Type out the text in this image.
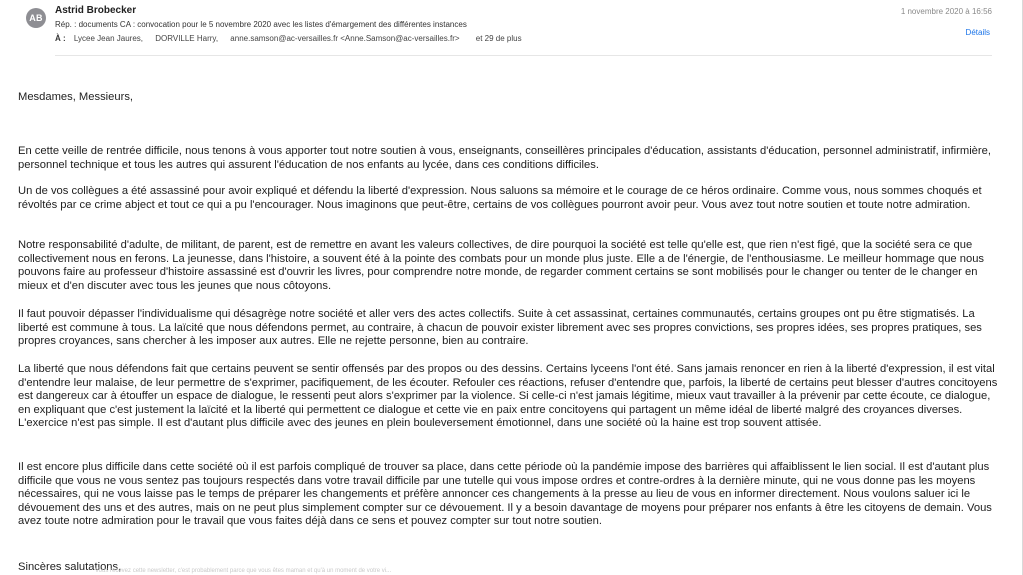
AB
Astrid Brobecker
Rép. : documents CA : convocation pour le 5 novembre 2020 avec les listes d'émargement des différentes instances
À : Lycee Jean Jaures, DORVILLE Harry, anne.samson@ac-versailles.fr <Anne.Samson@ac-versailles.fr> et 29 de plus
1 novembre 2020 à 16:56
Détails

Mesdames, Messieurs,

En cette veille de rentrée difficile, nous tenons à vous apporter tout notre soutien à vous, enseignants, conseillères principales d'éducation, assistants d'éducation, personnel administratif, infirmière, personnel technique et tous les autres qui assurent l'éducation de nos enfants au lycée, dans ces conditions difficiles.

Un de vos collègues a été assassiné pour avoir expliqué et défendu la liberté d'expression. Nous saluons sa mémoire et le courage de ce héros ordinaire. Comme vous, nous sommes choqués et révoltés par ce crime abject et tout ce qui a pu l'encourager. Nous imaginons que peut-être, certains de vos collègues pourront avoir peur. Vous avez tout notre soutien et toute notre admiration.

Notre responsabilité d'adulte, de militant, de parent, est de remettre en avant les valeurs collectives, de dire pourquoi la société est telle qu'elle est, que rien n'est figé, que la société sera ce que collectivement nous en ferons. La jeunesse, dans l'histoire, a souvent été à la pointe des combats pour un monde plus juste. Elle a de l'énergie, de l'enthousiasme. Le meilleur hommage que nous pouvons faire au professeur d'histoire assassiné est d'ouvrir les livres, pour comprendre notre monde, de regarder comment certains se sont mobilisés pour le changer ou tenter de le changer en mieux et d'en discuter avec tous les jeunes que nous côtoyons.

Il faut pouvoir dépasser l'individualisme qui désagrège notre société et aller vers des actes collectifs. Suite à cet assassinat, certaines communautés, certains groupes ont pu être stigmatisés. La liberté est commune à tous. La laïcité que nous défendons permet, au contraire, à chacun de pouvoir exister librement avec ses propres convictions, ses propres idées, ses propres pratiques, ses propres croyances, sans chercher à les imposer aux autres. Elle ne rejette personne, bien au contraire.

La liberté que nous défendons fait que certains peuvent se sentir offensés par des propos ou des dessins. Certains lyceens l'ont été. Sans jamais renoncer en rien à la liberté d'expression, il est vital d'entendre leur malaise, de leur permettre de s'exprimer, pacifiquement, de les écouter. Refouler ces réactions, refuser d'entendre que, parfois, la liberté de certains peut blesser d'autres concitoyens est dangereux car à étouffer un espace de dialogue, le ressenti peut alors s'exprimer par la violence. Si celle-ci n'est jamais légitime, mieux vaut travailler à la prévenir par cette écoute, ce dialogue, en expliquant que c'est justement la laïcité et la liberté qui permettent ce dialogue et cette vie en paix entre concitoyens qui partagent un même idéal de liberté malgré des croyances diverses. L'exercice n'est pas simple. Il est d'autant plus difficile avec des jeunes en plein bouleversement émotionnel, dans une société où la haine est trop souvent attisée.

Il est encore plus difficile dans cette société où il est parfois compliqué de trouver sa place, dans cette période où la pandémie impose des barrières qui affaiblissent le lien social. Il est d'autant plus difficile que vous ne vous sentez pas toujours respectés dans votre travail difficile par une tutelle qui vous impose ordres et contre-ordres à la dernière minute, qui ne vous donne pas les moyens nécessaires, qui ne vous laisse pas le temps de préparer les changements et préfère annoncer ces changements à la presse au lieu de vous en informer directement. Nous voulons saluer ici le dévouement des uns et des autres, mais on ne peut plus simplement compter sur ce dévouement. Il y a besoin davantage de moyens pour préparer nos enfants à être les citoyens de demain. Vous avez toute notre admiration pour le travail que vous faites déjà dans ce sens et pouvez compter sur tout notre soutien.

Sincères salutations,

Vous recevez cette newsletter, c'est probablement parce que vous êtes maman et qu'à un moment de votre vi...
